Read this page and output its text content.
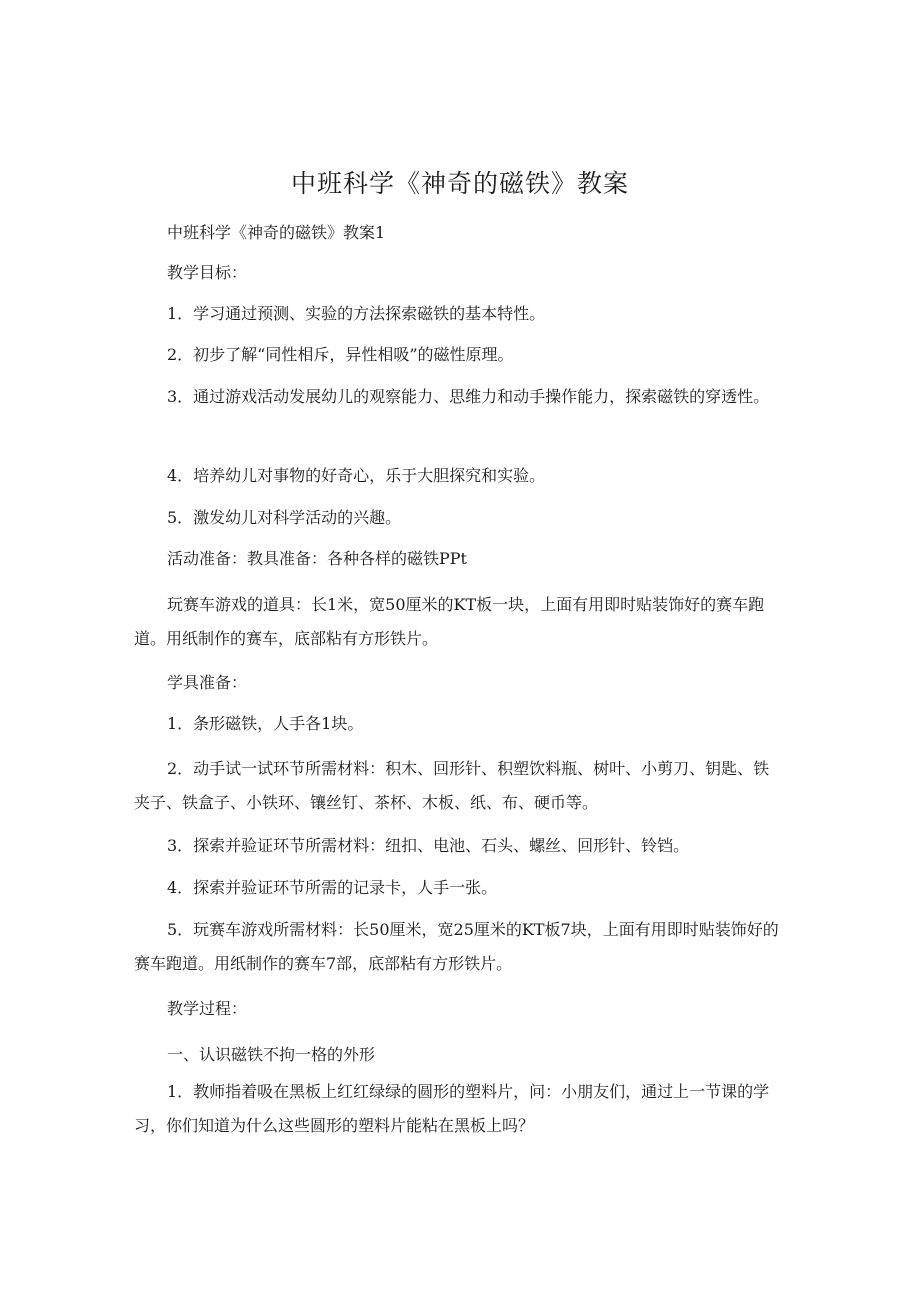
中班科学《神奇的磁铁》教案

中班科学《神奇的磁铁》教案1

教学目标：

1．学习通过预测、实验的方法探索磁铁的基本特性。

2．初步了解“同性相斥，异性相吸”的磁性原理。

3．通过游戏活动发展幼儿的观察能力、思维力和动手操作能力，探索磁铁的穿透性。

4．培养幼儿对事物的好奇心，乐于大胆探究和实验。

5．激发幼儿对科学活动的兴趣。

活动准备：教具准备：各种各样的磁铁PPt

玩赛车游戏的道具：长1米，宽50厘米的KT板一块，上面有用即时贴装饰好的赛车跑道。用纸制作的赛车，底部粘有方形铁片。

学具准备：

1．条形磁铁，人手各1块。

2．动手试一试环节所需材料：积木、回形针、积塑饮料瓶、树叶、小剪刀、钥匙、铁夹子、铁盒子、小铁环、镶丝钉、茶杯、木板、纸、布、硬币等。

3．探索并验证环节所需材料：纽扣、电池、石头、螺丝、回形针、铃铛。

4．探索并验证环节所需的记录卡，人手一张。

5．玩赛车游戏所需材料：长50厘米，宽25厘米的KT板7块，上面有用即时贴装饰好的赛车跑道。用纸制作的赛车7部，底部粘有方形铁片。

教学过程：

一、认识磁铁不拘一格的外形

1．教师指着吸在黑板上红红绿绿的圆形的塑料片，问：小朋友们，通过上一节课的学习，你们知道为什么这些圆形的塑料片能粘在黑板上吗？
